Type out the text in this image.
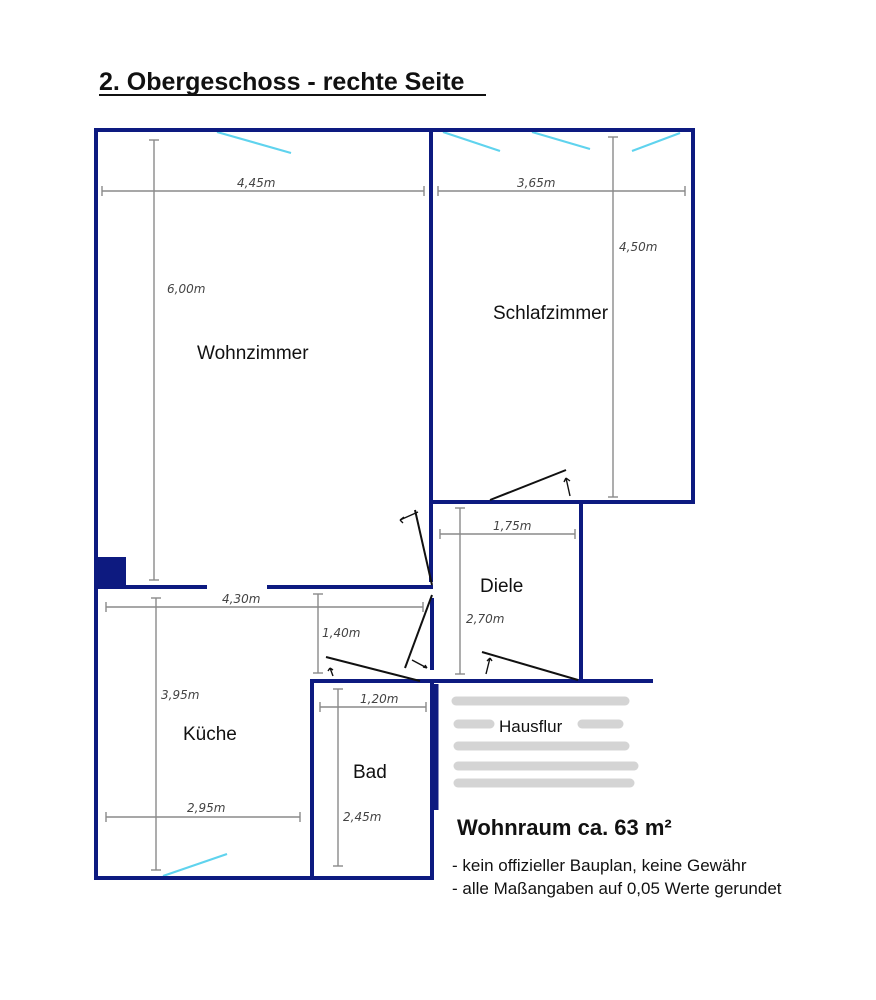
2. Obergeschoss - rechte Seite
4,45m
6,00m
3,65m
4,50m
1,75m
2,70m
4,30m
3,95m
2,95m
1,40m
1,20m
2,45m
Wohnzimmer
Schlafzimmer
Diele
Küche
Bad
Hausflur
Wohnraum ca. 63 m²
- kein offizieller Bauplan, keine Gewähr
- alle Maßangaben auf 0,05 Werte gerundet
